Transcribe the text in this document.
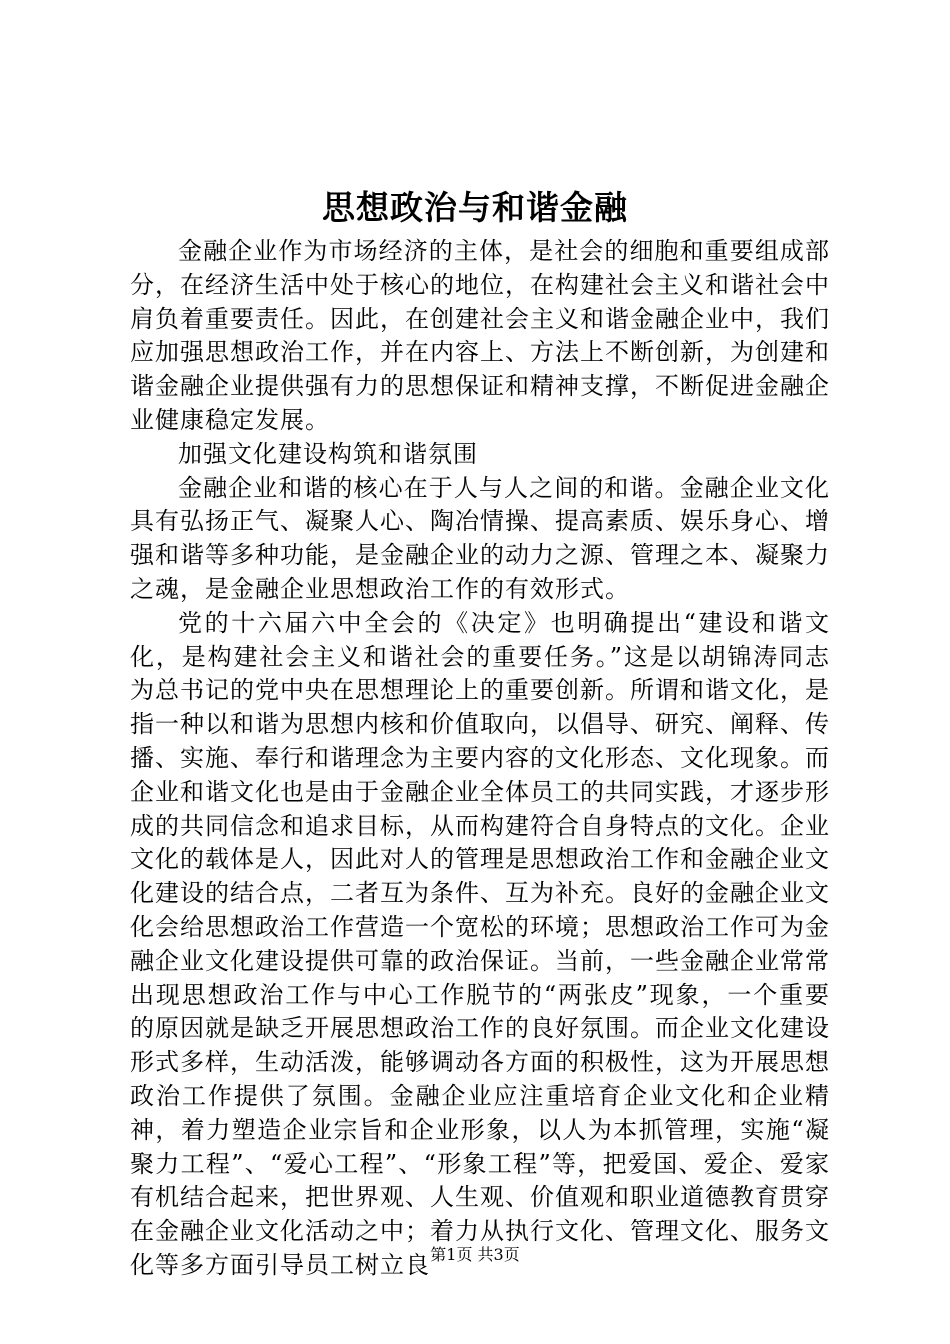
思想政治与和谐金融

金融企业作为市场经济的主体，是社会的细胞和重要组成部分，在经济生活中处于核心的地位，在构建社会主义和谐社会中肩负着重要责任。因此，在创建社会主义和谐金融企业中，我们应加强思想政治工作，并在内容上、方法上不断创新，为创建和谐金融企业提供强有力的思想保证和精神支撑，不断促进金融企业健康稳定发展。

加强文化建设构筑和谐氛围

金融企业和谐的核心在于人与人之间的和谐。金融企业文化具有弘扬正气、凝聚人心、陶冶情操、提高素质、娱乐身心、增强和谐等多种功能，是金融企业的动力之源、管理之本、凝聚力之魂，是金融企业思想政治工作的有效形式。

党的十六届六中全会的《决定》也明确提出“建设和谐文化，是构建社会主义和谐社会的重要任务。”这是以胡锦涛同志为总书记的党中央在思想理论上的重要创新。所谓和谐文化，是指一种以和谐为思想内核和价值取向，以倡导、研究、阐释、传播、实施、奉行和谐理念为主要内容的文化形态、文化现象。而企业和谐文化也是由于金融企业全体员工的共同实践，才逐步形成的共同信念和追求目标，从而构建符合自身特点的文化。企业文化的载体是人，因此对人的管理是思想政治工作和金融企业文化建设的结合点，二者互为条件、互为补充。良好的金融企业文化会给思想政治工作营造一个宽松的环境；思想政治工作可为金融企业文化建设提供可靠的政治保证。当前，一些金融企业常常出现思想政治工作与中心工作脱节的“两张皮”现象，一个重要的原因就是缺乏开展思想政治工作的良好氛围。而企业文化建设形式多样，生动活泼，能够调动各方面的积极性，这为开展思想政治工作提供了氛围。金融企业应注重培育企业文化和企业精神，着力塑造企业宗旨和企业形象，以人为本抓管理，实施“凝聚力工程”、“爱心工程”、“形象工程”等，把爱国、爱企、爱家有机结合起来，把世界观、人生观、价值观和职业道德教育贯穿在金融企业文化活动之中；着力从执行文化、管理文化、服务文化等多方面引导员工树立良 第1页 共3页
